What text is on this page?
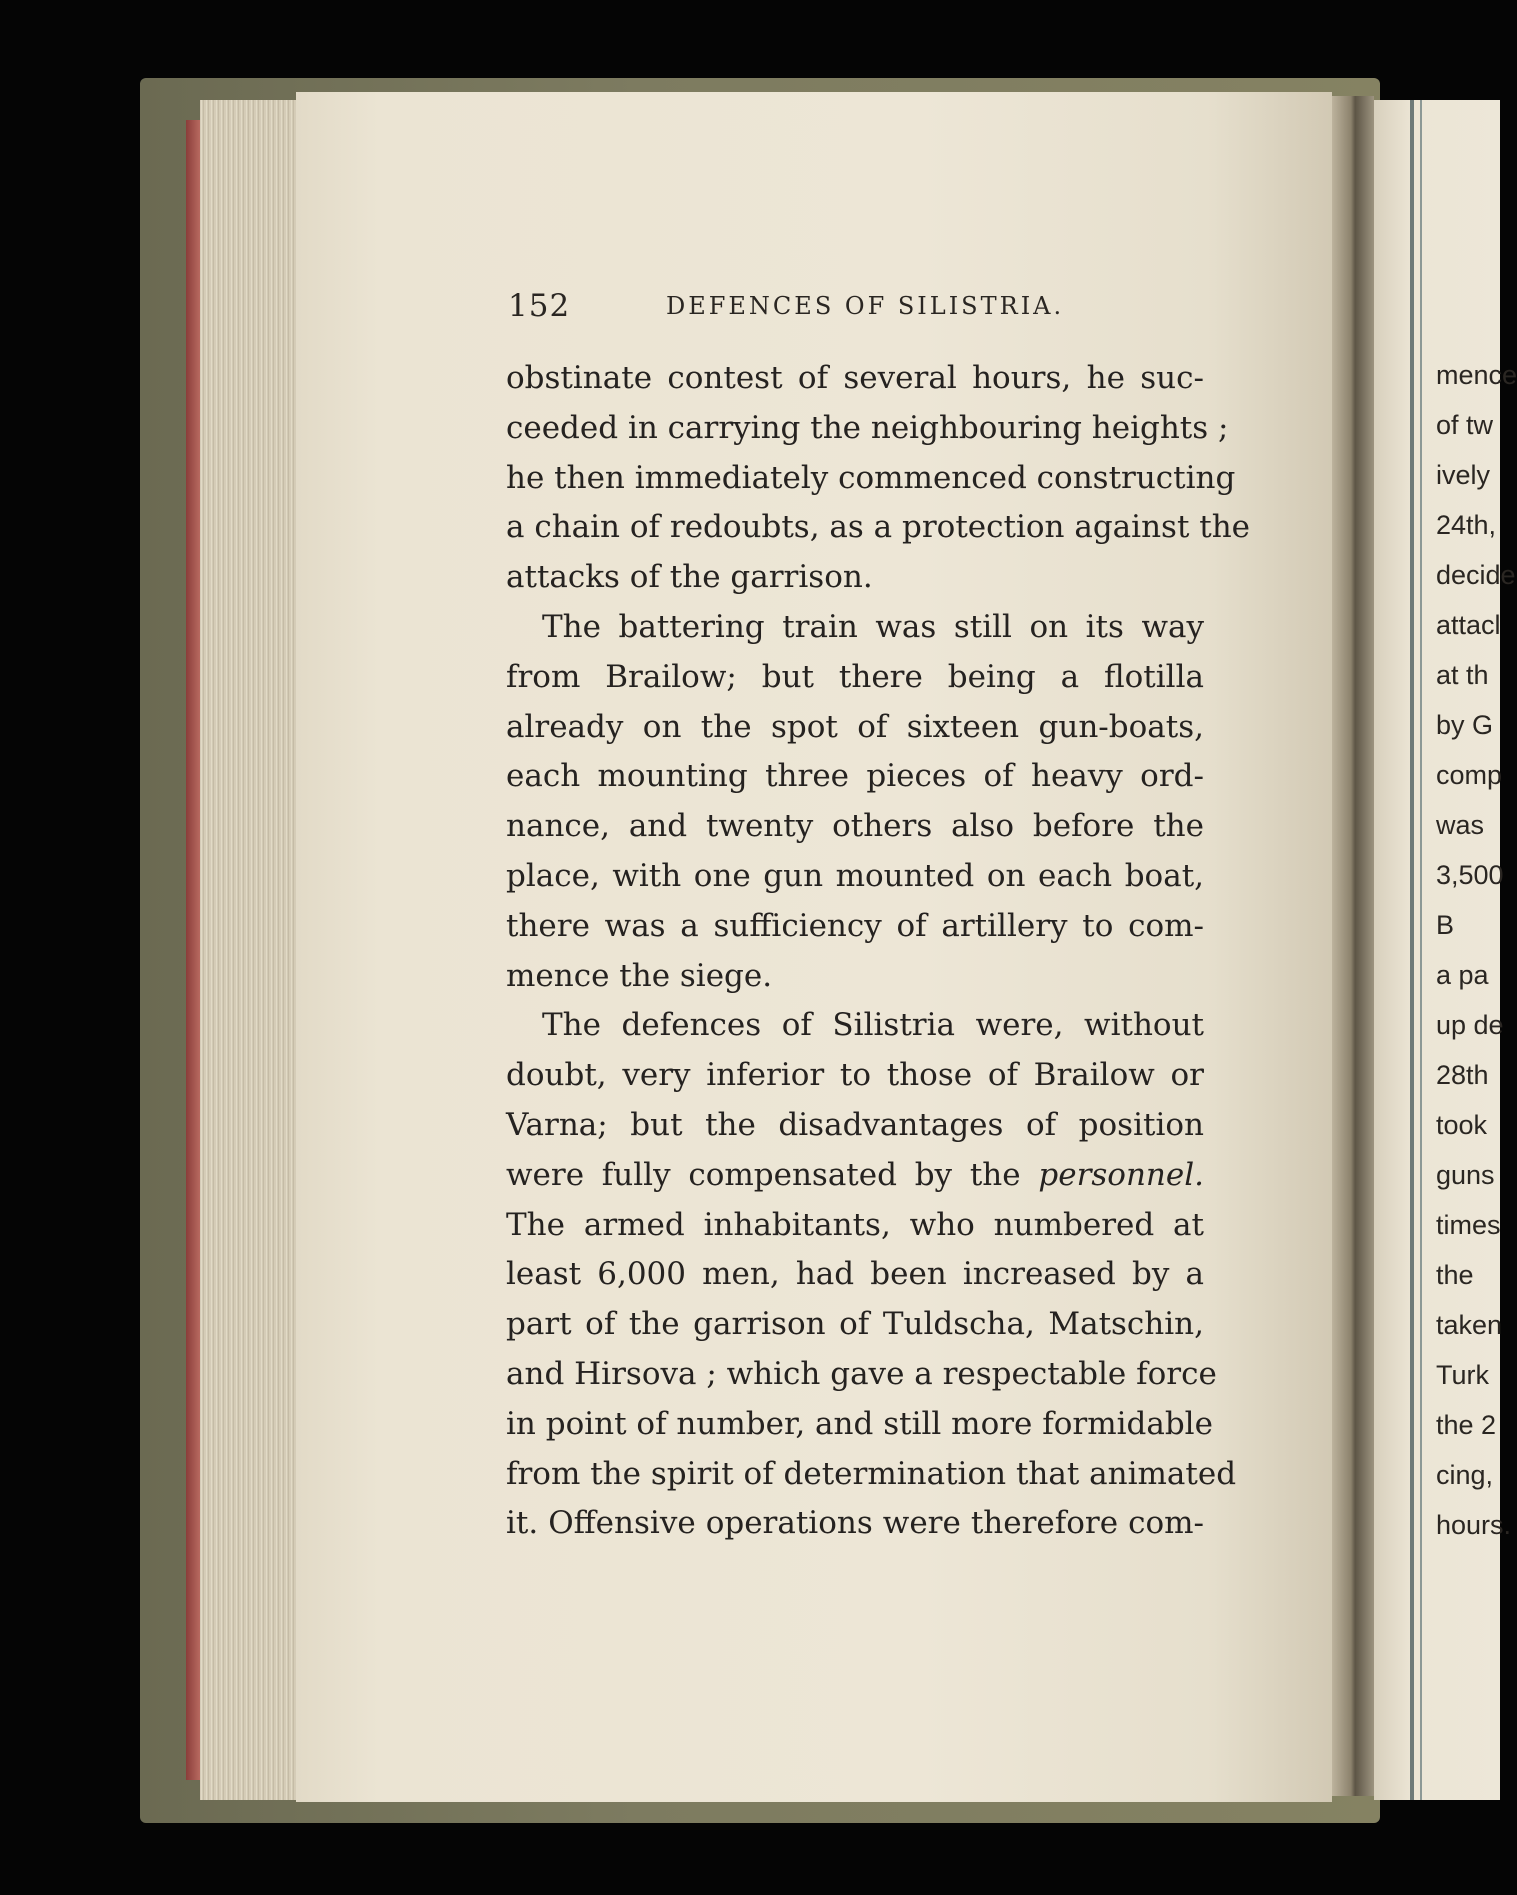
152	DEFENCES OF SILISTRIA.
obstinate contest of several hours, he suc-
ceeded in carrying the neighbouring heights ;
he then immediately commenced constructing
a chain of redoubts, as a protection against the
attacks of the garrison.
The battering train was still on its way
from Brailow; but there being a flotilla
already on the spot of sixteen gun-boats,
each mounting three pieces of heavy ord-
nance, and twenty others also before the
place, with one gun mounted on each boat,
there was a sufficiency of artillery to com-
mence the siege.
The defences of Silistria were, without
doubt, very inferior to those of Brailow or
Varna; but the disadvantages of position
were fully compensated by the personnel.
The armed inhabitants, who numbered at
least 6,000 men, had been increased by a
part of the garrison of Tuldscha, Matschin,
and Hirsova ; which gave a respectable force
in point of number, and still more formidable
from the spirit of determination that animated
it. Offensive operations were therefore com-
mence
of tw
ively
24th,
decide
attacl
at th
by G
comp
was
3,500
B
a pa
up de
28th
took
guns
times
the
taken
Turk
the 2
cing,
hours.
